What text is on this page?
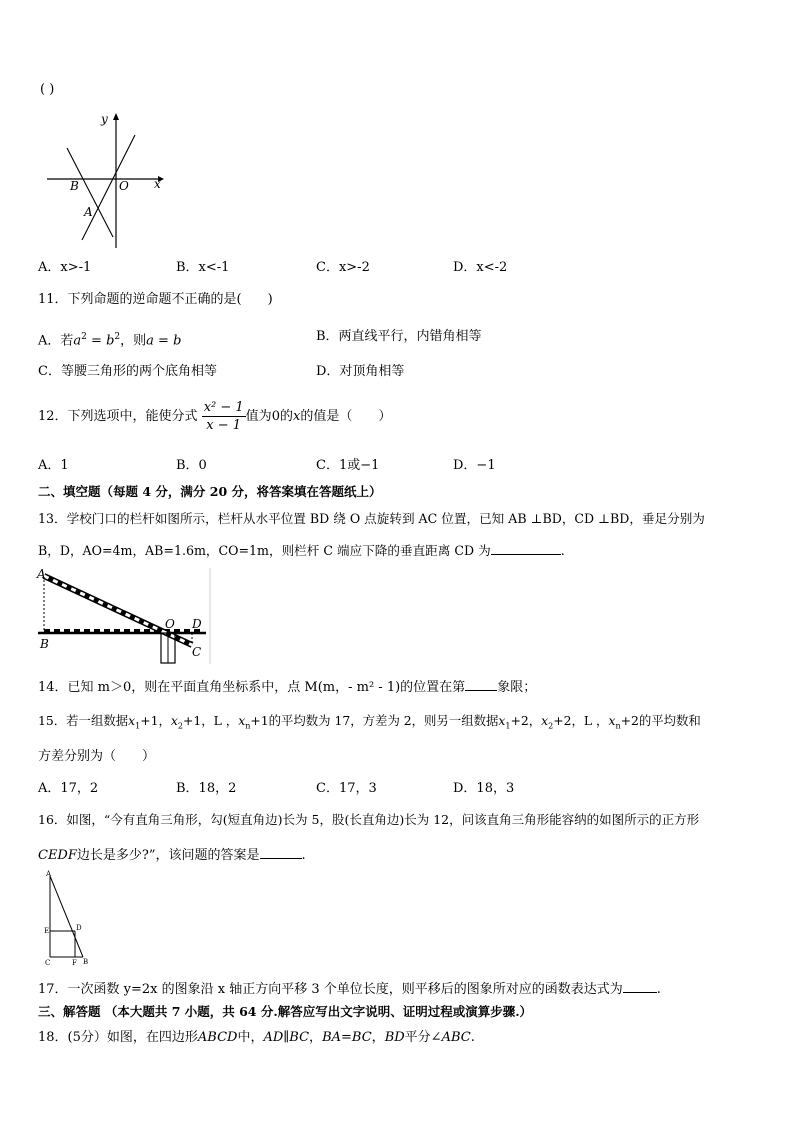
( )
y
x
B	O
A
A．x>-1	B．x<-1	C．x>-2	D．x<-2
11．下列命题的逆命题不正确的是(　　)
A．若$a^2 = b^2$，则a = b	B．两直线平行，内错角相等
C．等腰三角形的两个底角相等	D．对顶角相等
12．下列选项中，能使分式 $\frac{\text{x² − 1}}{x - 1}$ 值为0的x的值是（　　）
A．1	B．0	C．1或−1	D．−1
二、填空题（每题 4 分，满分 20 分，将答案填在答题纸上）
13．学校门口的栏杆如图所示，栏杆从水平位置 BD 绕 O 点旋转到 AC 位置，已知 AB ⊥BD，CD ⊥BD，垂足分别为
B，D，AO=4m，AB=1.6m，CO=1m，则栏杆 C 端应下降的垂直距离 CD 为	.
A
B
O D
C
14．已知 m＞0，则在平面直角坐标系中，点 M(m，- m² - 1)的位置在第 象限；
15．若一组数据$x_1+1$，$x_2+1$，L ，$x_n+1$的平均数为 17，方差为 2，则另一组数据$x_1+2$，$x_2+2$，L ，$x_n+2$的平均数和
方差分别为（　　）
A．17，2	B．18，2	C．17，3	D．18，3
16．如图，“今有直角三角形，勾(短直角边)长为 5，股(长直角边)长为 12，问该直角三角形能容纳的如图所示的正方形
CEDF边长是多少?”，该问题的答案是	.
A
D
E
C	F B
17．一次函数 y=2x 的图象沿 x 轴正方向平移 3 个单位长度，则平移后的图象所对应的函数表达式为	.
三、解答题 （本大题共 7 小题，共 64 分.解答应写出文字说明、证明过程或演算步骤.）
18．(5分）如图，在四边形ABCD中，AD∥BC，BA=BC，BD平分∠ABC.
